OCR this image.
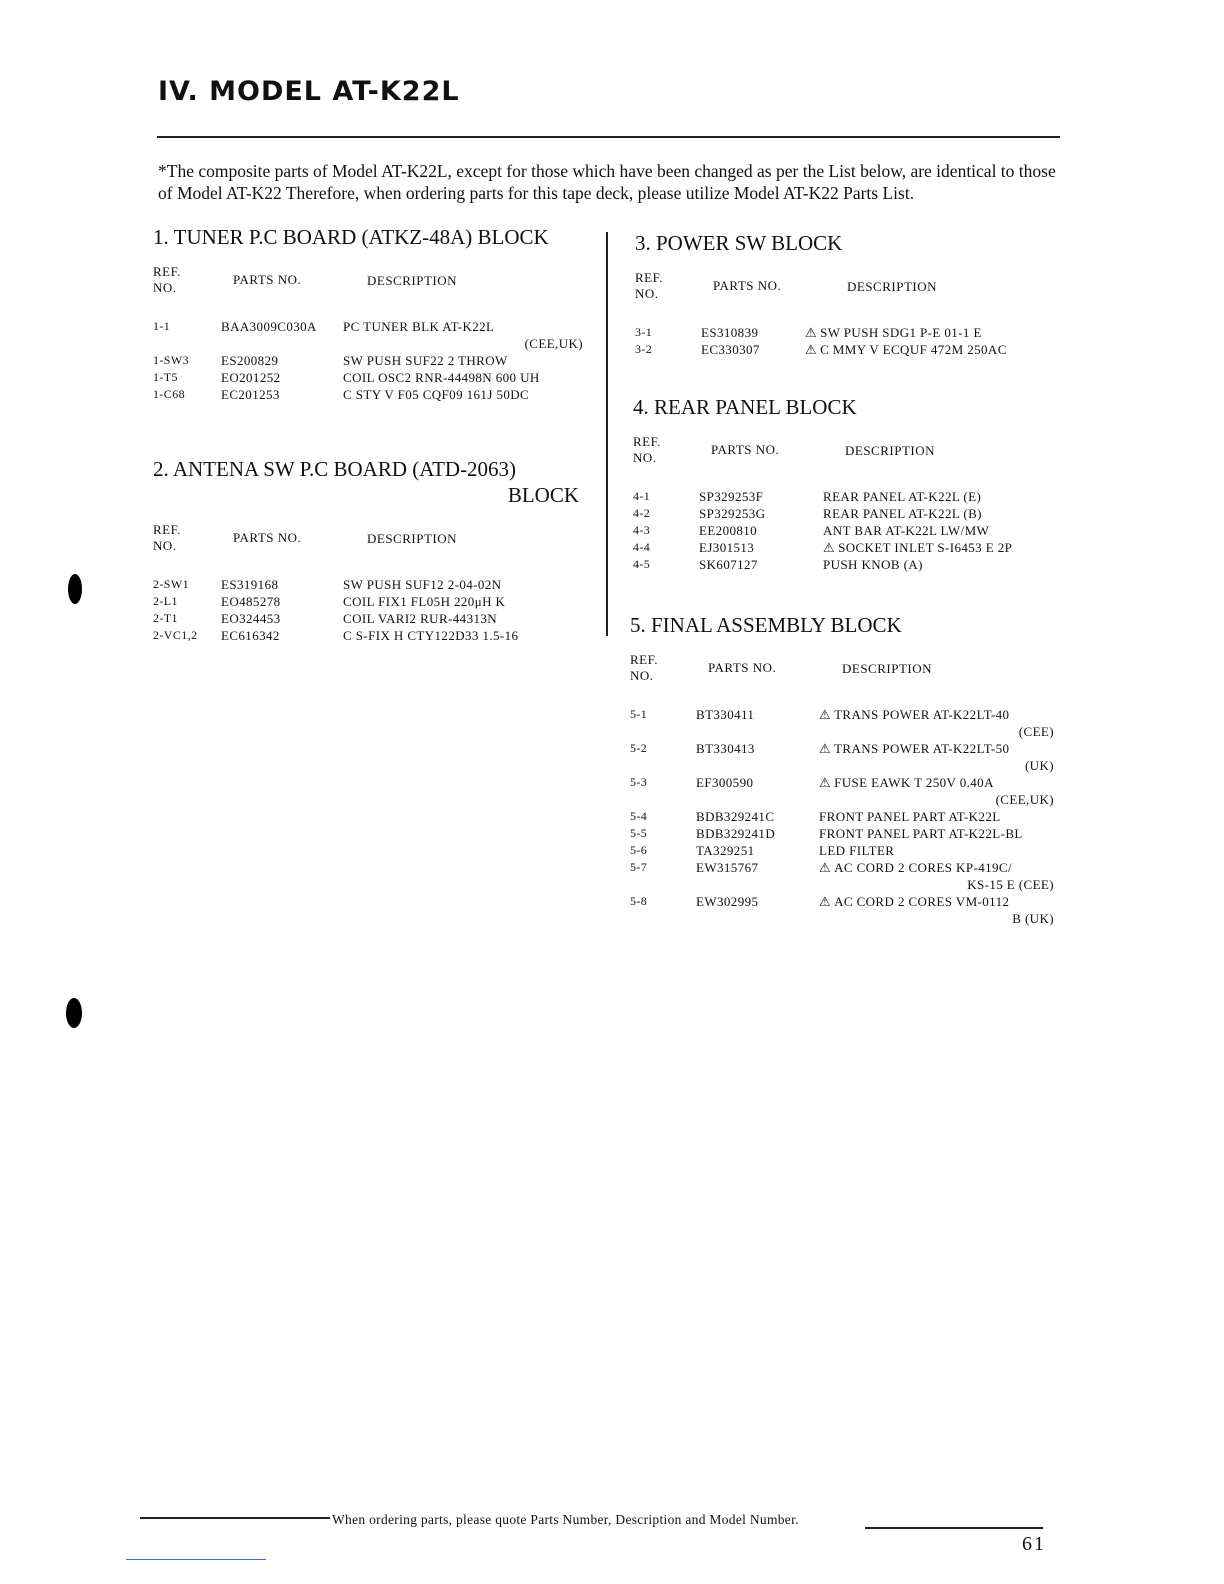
IV. MODEL AT-K22L
*The composite parts of Model AT-K22L, except for those which have been changed as per the List below, are identical to those of Model AT-K22 Therefore, when ordering parts for this tape deck, please utilize Model AT-K22 Parts List.
1. TUNER P.C BOARD (ATKZ-48A) BLOCK
REF.
NO.
PARTS NO.	DESCRIPTION
1-1	BAA3009C030A PC TUNER BLK AT-K22L
(CEE,UK)
1-SW3 ES200829	SW PUSH SUF22 2 THROW
1-T5	EO201252	COIL OSC2 RNR-44498N 600 UH
1-C68	EC201253	C STY V F05 CQF09 161J 50DC
2. ANTENA SW P.C BOARD (ATD-2063)
BLOCK
REF.
NO.
PARTS NO.	DESCRIPTION
2-SW1 ES319168	SW PUSH SUF12 2-04-02N
2-L1	EO485278	COIL FIX1 FL05H 220μH K
2-T1	EO324453	COIL VARI2 RUR-44313N
2-VC1,2 EC616342	C S-FIX H CTY122D33 1.5-16
3. POWER SW BLOCK
REF.
NO.
PARTS NO.	DESCRIPTION
3-1	ES310839	⚠ SW PUSH SDG1 P-E 01-1 E
3-2	EC330307	⚠ C MMY V ECQUF 472M 250AC
4. REAR PANEL BLOCK
REF.
NO.
PARTS NO.	DESCRIPTION
4-1	SP329253F	REAR PANEL AT-K22L (E)
4-2	SP329253G	REAR PANEL AT-K22L (B)
4-3	EE200810	ANT BAR AT-K22L LW/MW
4-4	EJ301513	⚠ SOCKET INLET S-I6453 E 2P
4-5	SK607127	PUSH KNOB (A)
5. FINAL ASSEMBLY BLOCK
REF.
NO.
PARTS NO.	DESCRIPTION
5-1	BT330411	⚠ TRANS POWER AT-K22LT-40
(CEE)
5-2	BT330413	⚠ TRANS POWER AT-K22LT-50
(UK)
5-3	EF300590	⚠ FUSE EAWK T 250V 0.40A
(CEE,UK)
5-4	BDB329241C	FRONT PANEL PART AT-K22L
5-5	BDB329241D	FRONT PANEL PART AT-K22L-BL
5-6	TA329251	LED FILTER
5-7	EW315767	⚠ AC CORD 2 CORES KP-419C/
KS-15 E (CEE)
5-8	EW302995	⚠ AC CORD 2 CORES VM-0112
B (UK)
When ordering parts, please quote Parts Number, Description and Model Number.
61
